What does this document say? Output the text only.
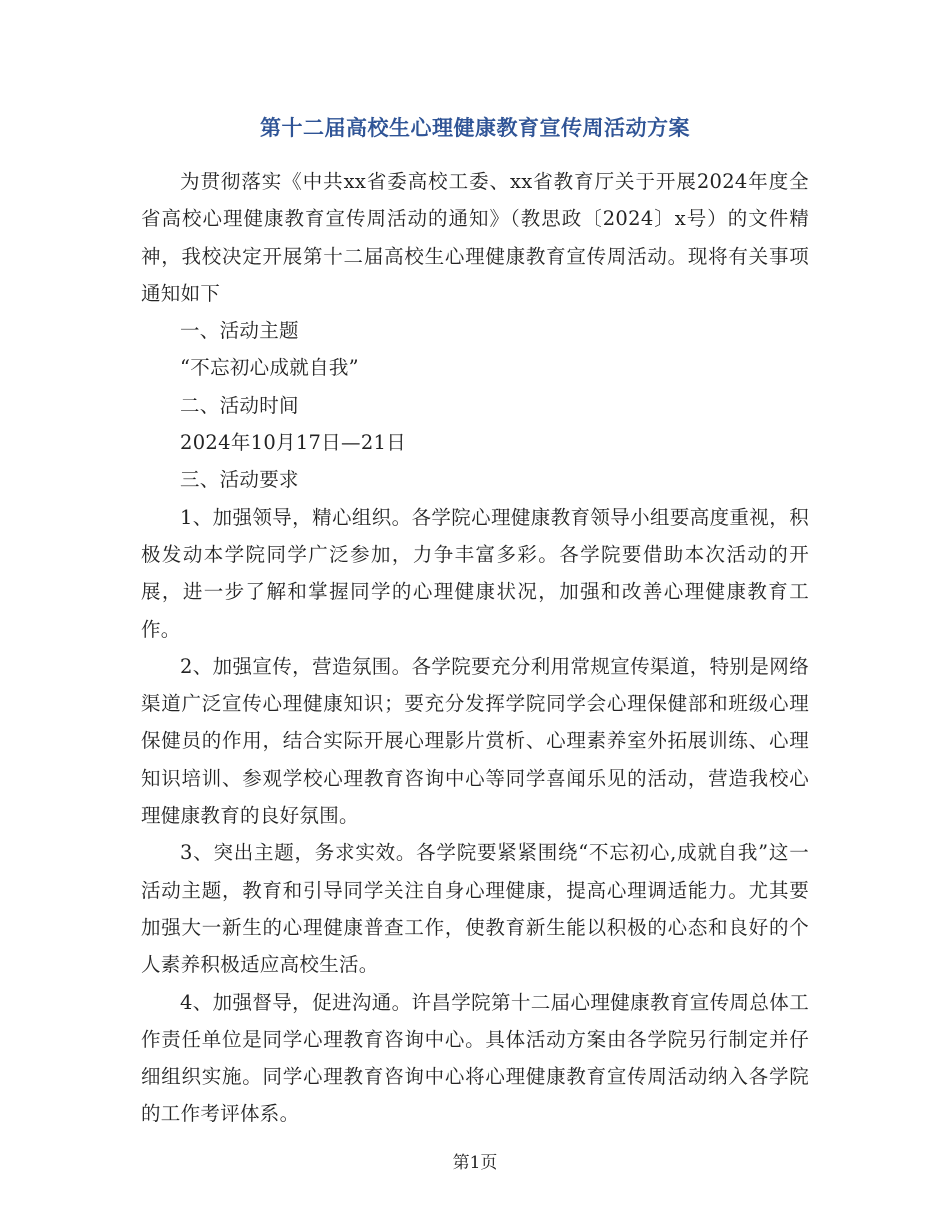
第十二届高校生心理健康教育宣传周活动方案

为贯彻落实《中共xx省委高校工委、xx省教育厅关于开展2024年度全省高校心理健康教育宣传周活动的通知》（教思政〔2024〕x号）的文件精神，我校决定开展第十二届高校生心理健康教育宣传周活动。现将有关事项通知如下

一、活动主题

“不忘初心成就自我”

二、活动时间

2024年10月17日—21日

三、活动要求

1、加强领导，精心组织。各学院心理健康教育领导小组要高度重视，积极发动本学院同学广泛参加，力争丰富多彩。各学院要借助本次活动的开展，进一步了解和掌握同学的心理健康状况，加强和改善心理健康教育工作。

2、加强宣传，营造氛围。各学院要充分利用常规宣传渠道，特别是网络渠道广泛宣传心理健康知识；要充分发挥学院同学会心理保健部和班级心理保健员的作用，结合实际开展心理影片赏析、心理素养室外拓展训练、心理知识培训、参观学校心理教育咨询中心等同学喜闻乐见的活动，营造我校心理健康教育的良好氛围。

3、突出主题，务求实效。各学院要紧紧围绕“不忘初心,成就自我”这一活动主题，教育和引导同学关注自身心理健康，提高心理调适能力。尤其要加强大一新生的心理健康普查工作，使教育新生能以积极的心态和良好的个人素养积极适应高校生活。

4、加强督导，促进沟通。许昌学院第十二届心理健康教育宣传周总体工作责任单位是同学心理教育咨询中心。具体活动方案由各学院另行制定并仔细组织实施。同学心理教育咨询中心将心理健康教育宣传周活动纳入各学院的工作考评体系。

第1页
